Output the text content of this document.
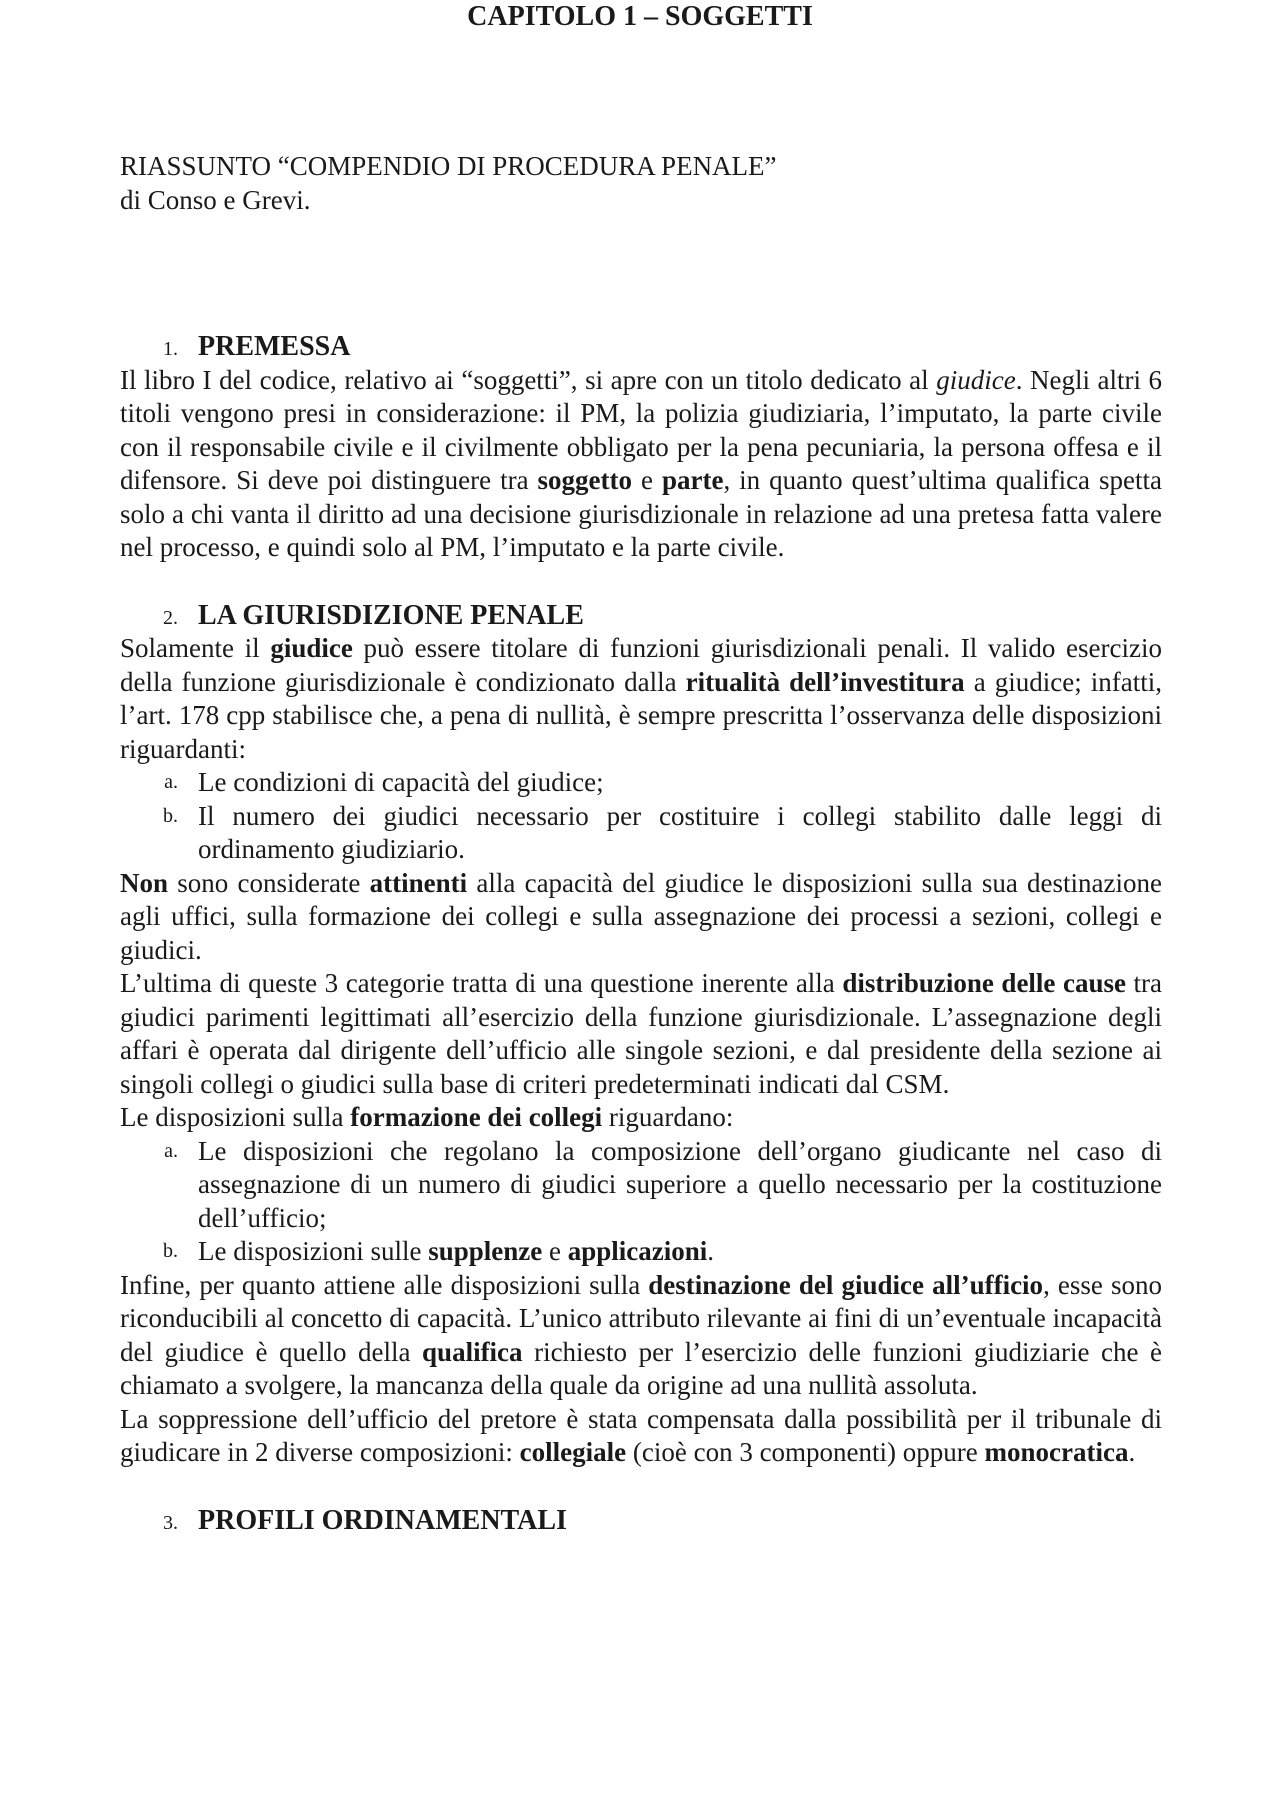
RIASSUNTO “COMPENDIO DI PROCEDURA PENALE”
di Conso e Grevi.
CAPITOLO 1 – SOGGETTI
1. PREMESSA

Il libro I del codice, relativo ai “soggetti”, si apre con un titolo dedicato al giudice. Negli altri 6 titoli vengono presi in considerazione: il PM, la polizia giudiziaria, l’imputato, la parte civile con il responsabile civile e il civilmente obbligato per la pena pecuniaria, la persona offesa e il difensore. Si deve poi distinguere tra soggetto e parte, in quanto quest’ultima qualifica spetta solo a chi vanta il diritto ad una decisione giurisdizionale in relazione ad una pretesa fatta valere nel processo, e quindi solo al PM, l’imputato e la parte civile.

2. LA GIURISDIZIONE PENALE

Solamente il giudice può essere titolare di funzioni giurisdizionali penali. Il valido esercizio della funzione giurisdizionale è condizionato dalla ritualità dell’investitura a giudice; infatti, l’art. 178 cpp stabilisce che, a pena di nullità, è sempre prescritta l’osservanza delle disposizioni riguardanti:

a. Le condizioni di capacità del giudice;
b. Il numero dei giudici necessario per costituire i collegi stabilito dalle leggi di ordinamento giudiziario.

Non sono considerate attinenti alla capacità del giudice le disposizioni sulla sua destinazione agli uffici, sulla formazione dei collegi e sulla assegnazione dei processi a sezioni, collegi e giudici.

L’ultima di queste 3 categorie tratta di una questione inerente alla distribuzione delle cause tra giudici parimenti legittimati all’esercizio della funzione giurisdizionale. L’assegnazione degli affari è operata dal dirigente dell’ufficio alle singole sezioni, e dal presidente della sezione ai singoli collegi o giudici sulla base di criteri predeterminati indicati dal CSM.

Le disposizioni sulla formazione dei collegi riguardano:

a. Le disposizioni che regolano la composizione dell’organo giudicante nel caso di assegnazione di un numero di giudici superiore a quello necessario per la costituzione dell’ufficio;
b. Le disposizioni sulle supplenze e applicazioni.

Infine, per quanto attiene alle disposizioni sulla destinazione del giudice all’ufficio, esse sono riconducibili al concetto di capacità. L’unico attributo rilevante ai fini di un’eventuale incapacità del giudice è quello della qualifica richiesto per l’esercizio delle funzioni giudiziarie che è chiamato a svolgere, la mancanza della quale da origine ad una nullità assoluta.

La soppressione dell’ufficio del pretore è stata compensata dalla possibilità per il tribunale di giudicare in 2 diverse composizioni: collegiale (cioè con 3 componenti) oppure monocratica.

3. PROFILI ORDINAMENTALI
